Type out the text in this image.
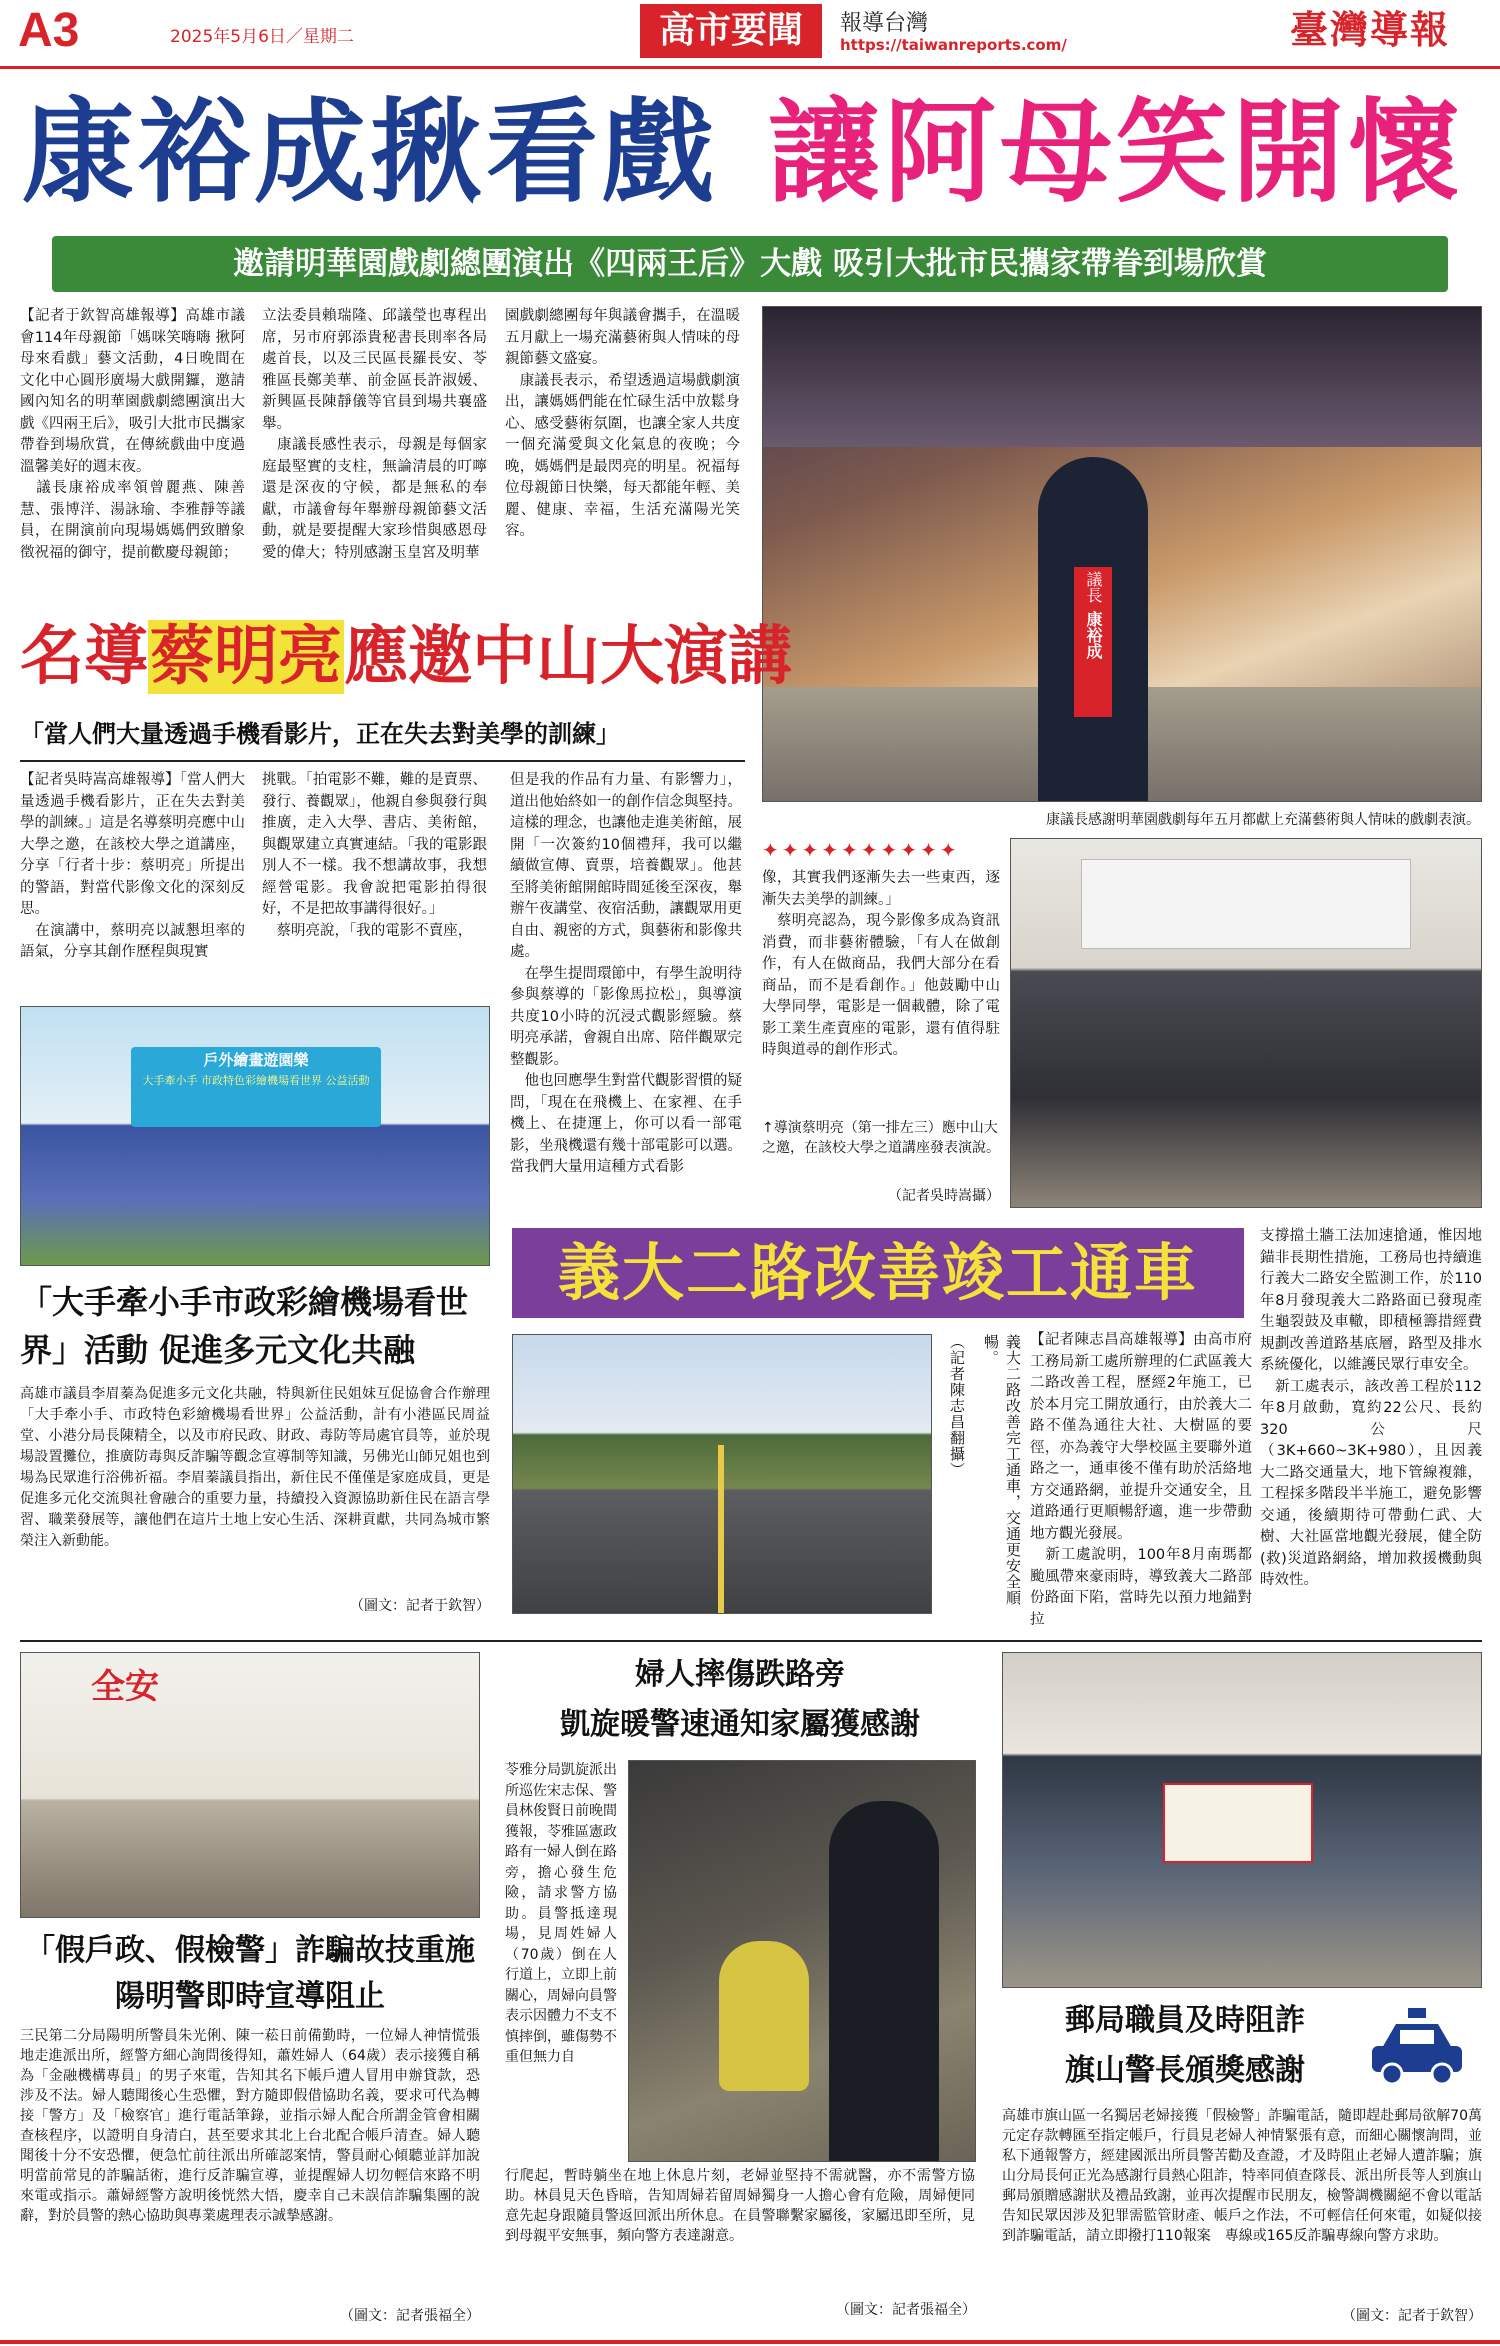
A3	2025年5月6日／星期二	高市要聞	報導台灣
https://taiwanreports.com/	臺灣導報
康裕成揪看戲 讓阿母笑開懷
邀請明華園戲劇總團演出《四兩王后》大戲 吸引大批市民攜家帶眷到場欣賞
【記者于欽智高雄報導】高雄市議會114年母親節「媽咪笑嗨嗨 揪阿母來看戲」藝文活動，4日晚間在文化中心圓形廣場大戲開鑼，邀請國內知名的明華園戲劇總團演出大戲《四兩王后》，吸引大批市民攜家帶眷到場欣賞，在傳統戲曲中度過溫馨美好的週末夜。
　議長康裕成率領曾麗燕、陳善慧、張博洋、湯詠瑜、李雅靜等議員，在開演前向現場媽媽們致贈象徵祝福的御守，提前歡慶母親節；
立法委員賴瑞隆、邱議瑩也專程出席，另市府郭添貴秘書長則率各局處首長，以及三民區長羅長安、苓雅區長鄭美華、前金區長許淑媛、新興區長陳靜儀等官員到場共襄盛舉。
　康議長感性表示，母親是每個家庭最堅實的支柱，無論清晨的叮嚀還是深夜的守候，都是無私的奉獻，市議會每年舉辦母親節藝文活動，就是要提醒大家珍惜與感恩母愛的偉大；特別感謝玉皇宮及明華
園戲劇總團每年與議會攜手，在溫暖五月獻上一場充滿藝術與人情味的母親節藝文盛宴。
　康議長表示，希望透過這場戲劇演出，讓媽媽們能在忙碌生活中放鬆身心、感受藝術氛圍，也讓全家人共度一個充滿愛與文化氣息的夜晚；今晚，媽媽們是最閃亮的明星。祝福每位母親節日快樂，每天都能年輕、美麗、健康、幸福，生活充滿陽光笑容。
議長
康裕成
康議長感謝明華園戲劇每年五月都獻上充滿藝術與人情味的戲劇表演。
名導蔡明亮應邀中山大演講
「當人們大量透過手機看影片，正在失去對美學的訓練」
【記者吳時嵩高雄報導】「當人們大量透過手機看影片，正在失去對美學的訓練。」這是名導蔡明亮應中山大學之邀，在該校大學之道講座，分享「行者十步：蔡明亮」所提出的警語，對當代影像文化的深刻反思。
　在演講中，蔡明亮以誠懇坦率的語氣，分享其創作歷程與現實
挑戰。「拍電影不難，難的是賣票、發行、養觀眾」，他親自參與發行與推廣，走入大學、書店、美術館，與觀眾建立真實連結。「我的電影跟別人不一樣。我不想講故事，我想經營電影。我會說把電影拍得很好，不是把故事講得很好。」
　蔡明亮說，「我的電影不賣座，
但是我的作品有力量、有影響力」，道出他始終如一的創作信念與堅持。這樣的理念，也讓他走進美術館，展開「一次簽約10個禮拜，我可以繼續做宣傳、賣票，培養觀眾」。他甚至將美術館開館時間延後至深夜，舉辦午夜講堂、夜宿活動，讓觀眾用更自由、親密的方式，與藝術和影像共處。
　在學生提問環節中，有學生說明待參與蔡導的「影像馬拉松」，與導演共度10小時的沉浸式觀影經驗。蔡明亮承諾，會親自出席、陪伴觀眾完整觀影。
　他也回應學生對當代觀影習慣的疑問，「現在在飛機上、在家裡、在手機上、在捷運上，你可以看一部電影，坐飛機還有幾十部電影可以選。當我們大量用這種方式看影
✦✦✦✦✦✦✦✦✦✦
像，其實我們逐漸失去一些東西，逐漸失去美學的訓練。」
　蔡明亮認為，現今影像多成為資訊消費，而非藝術體驗，「有人在做創作，有人在做商品，我們大部分在看商品，而不是看創作。」他鼓勵中山大學同學，電影是一個載體，除了電影工業生產賣座的電影，還有值得駐時與道尋的創作形式。
↑導演蔡明亮（第一排左三）應中山大之邀，在該校大學之道講座發表演說。
（記者吳時嵩攝）
戶外繪畫遊園樂
大手牽小手 市政特色彩繪機場看世界 公益活動
「大手牽小手市政彩繪機場看世界」活動 促進多元文化共融
高雄市議員李眉蓁為促進多元文化共融，特與新住民姐妹互促協會合作辦理「大手牽小手、市政特色彩繪機場看世界」公益活動，計有小港區民周益堂、小港分局長陳精全，以及市府民政、財政、毒防等局處官員等，並於現場設置攤位，推廣防毒與反詐騙等觀念宣導制等知識，另佛光山師兄姐也到場為民眾進行浴佛祈福。李眉蓁議員指出，新住民不僅僅是家庭成員，更是促進多元化交流與社會融合的重要力量，持續投入資源協助新住民在語言學習、職業發展等，讓他們在這片土地上安心生活、深耕貢獻，共同為城市繁榮注入新動能。
（圖文：記者于欽智）
義大二路改善竣工通車	支撐擋土牆工法加速搶通，惟因地錨非長期性措施，工務局也持續進行義大二路安全監測工作，於110年8月發現義大二路路面已發現產生龜裂鼓及車轍，即積極籌措經費規劃改善道路基底層，路型及排水系統優化，以維護民眾行車安全。
　新工處表示，該改善工程於112年8月啟動，寬約22公尺、長約320公尺（3K+660~3K+980），且因義大二路交通量大，地下管線複雜，工程採多階段半半施工，避免影響交通，後續期待可帶動仁武、大樹、大社區當地觀光發展，健全防(救)災道路網絡，增加救援機動與時效性。
義大二路改善完工通車，交通更安全順暢。
（記者陳志昌翻攝）	【記者陳志昌高雄報導】由高市府工務局新工處所辦理的仁武區義大二路改善工程，歷經2年施工，已於本月完工開放通行，由於義大二路不僅為通往大社、大樹區的要徑，亦為義守大學校區主要聯外道路之一，通車後不僅有助於活絡地方交通路網，並提升交通安全，且道路通行更順暢舒適，進一步帶動地方觀光發展。
　新工處說明，100年8月南瑪都颱風帶來豪雨時，導致義大二路部份路面下陷，當時先以預力地錨對拉
全安
「假戶政、假檢警」詐騙故技重施 陽明警即時宣導阻止
三民第二分局陽明所警員朱光俐、陳一菘日前備勤時，一位婦人神情慌張地走進派出所，經警方細心詢問後得知，蕭姓婦人（64歲）表示接獲自稱為「金融機構專員」的男子來電，告知其名下帳戶遭人冒用申辦貸款，恐涉及不法。婦人聽聞後心生恐懼，對方隨即假借協助名義，要求可代為轉接「警方」及「檢察官」進行電話筆錄，並指示婦人配合所謂金管會相關查核程序，以證明自身清白，甚至要求其北上台北配合帳戶清查。婦人聽聞後十分不安恐懼，便急忙前往派出所確認案情，警員耐心傾聽並詳加說明當前常見的詐騙話術，進行反詐騙宣導，並提醒婦人切勿輕信來路不明來電或指示。蕭婦經警方說明後恍然大悟，慶幸自己未誤信詐騙集團的說辭，對於員警的熱心協助與專業處理表示誠摯感謝。
（圖文：記者張福全）
婦人摔傷跌路旁
凱旋暖警速通知家屬獲感謝
苓雅分局凱旋派出所巡佐宋志保、警員林俊賢日前晚間獲報，苓雅區憲政路有一婦人倒在路旁，擔心發生危險，請求警方協助。員警抵達現場，見周姓婦人（70歲）倒在人行道上，立即上前關心，周婦向員警表示因體力不支不慎摔倒，雖傷勢不重但無力自
行爬起，暫時躺坐在地上休息片刻，老婦並堅持不需就醫，亦不需警方協助。林員見天色昏暗，告知周婦若留周婦獨身一人擔心會有危險，周婦便同意先起身跟隨員警返回派出所休息。在員警聯繫家屬後，家屬迅即至所，見到母親平安無事，頻向警方表達謝意。
（圖文：記者張福全）
郵局職員及時阻詐
旗山警長頒獎感謝
高雄市旗山區一名獨居老婦接獲「假檢警」詐騙電話，隨即趕赴郵局欲解70萬元定存款轉匯至指定帳戶，行員見老婦人神情緊張有意，而細心關懷詢問，並私下通報警方，經建國派出所員警苦勸及查證，才及時阻止老婦人遭詐騙；旗山分局長何正光為感謝行員熱心阻詐，特率同偵查隊長、派出所長等人到旗山郵局頒贈感謝狀及禮品致謝，並再次提醒市民朋友，檢警調機關絕不會以電話告知民眾因涉及犯罪需監管財產、帳戶之作法，不可輕信任何來電，如疑似接到詐騙電話，請立即撥打110報案　專線或165反詐騙專線向警方求助。
（圖文：記者于欽智）
